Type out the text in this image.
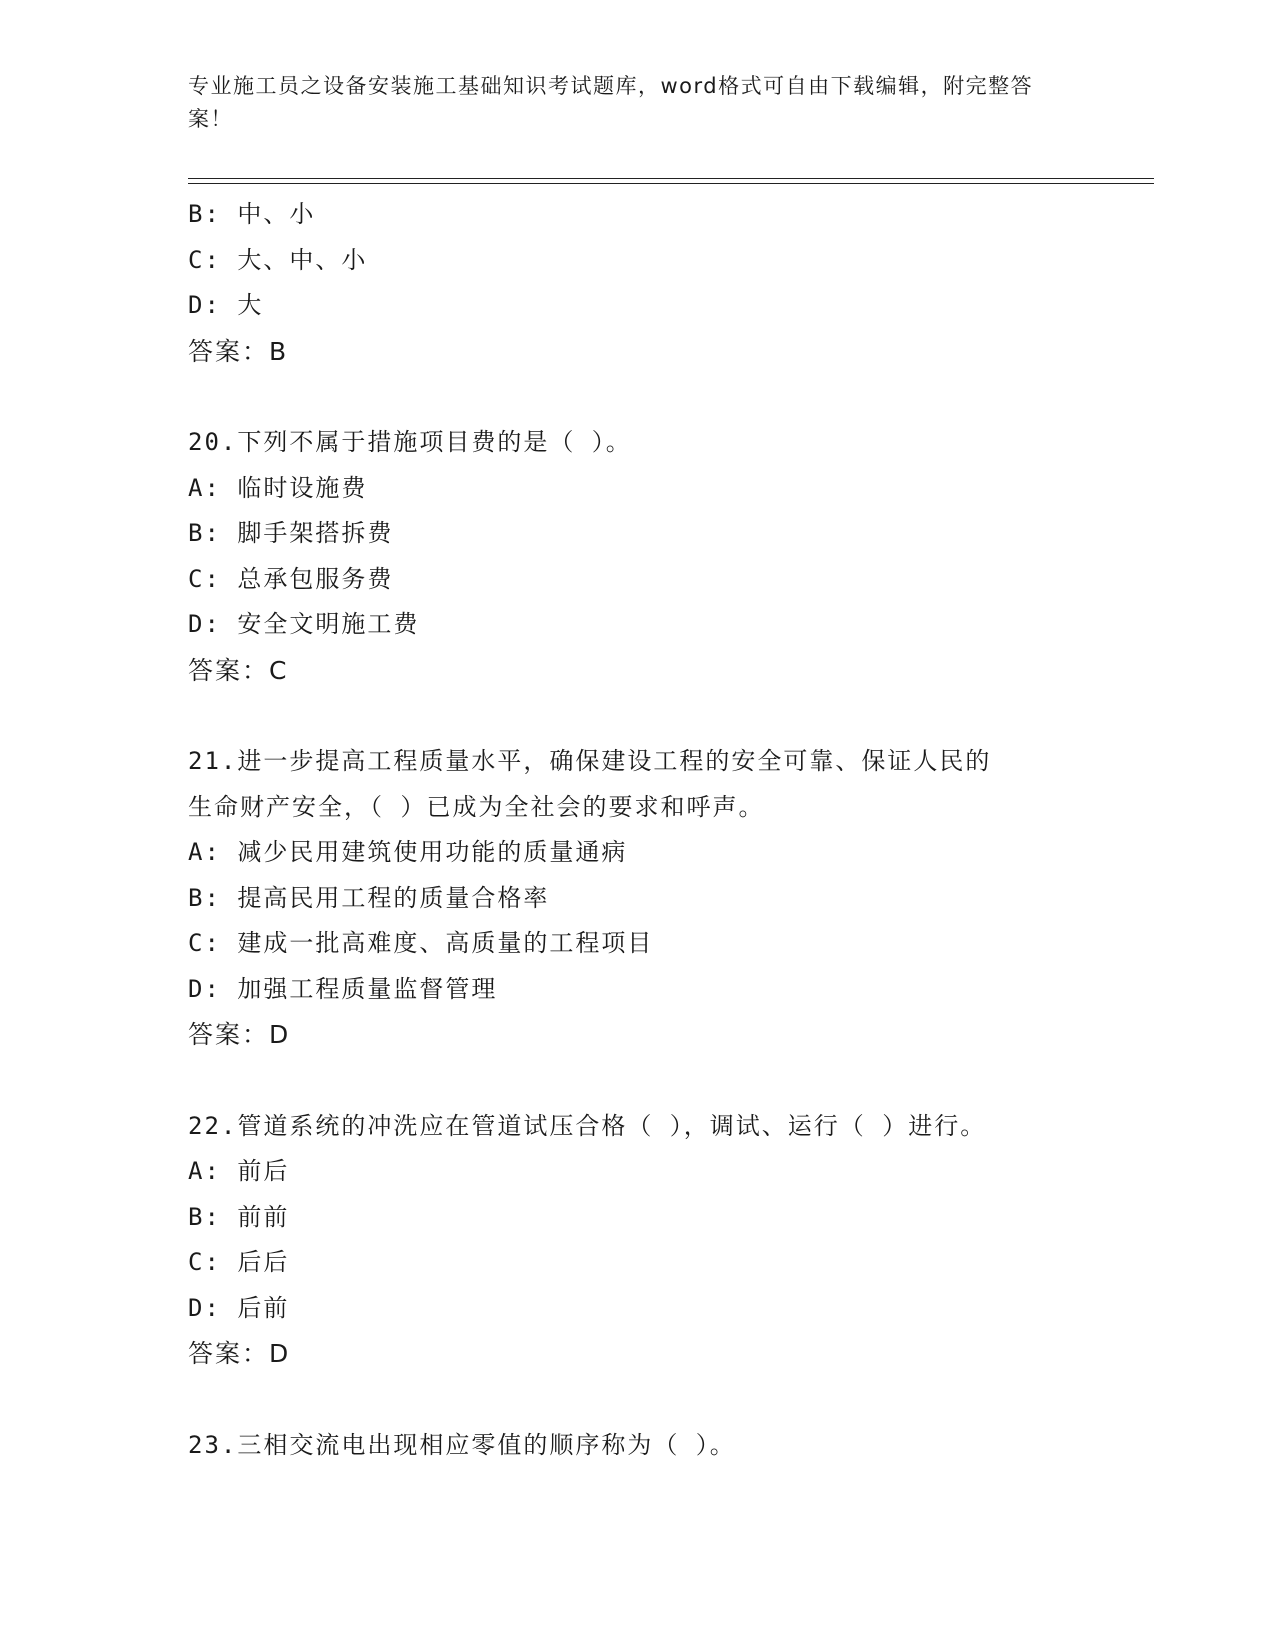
专业施工员之设备安装施工基础知识考试题库，word格式可自由下载编辑，附完整答案！
B: 中、小
C: 大、中、小
D: 大
答案：B
20.下列不属于措施项目费的是（ ）。
A: 临时设施费
B: 脚手架搭拆费
C: 总承包服务费
D: 安全文明施工费
答案：C
21.进一步提高工程质量水平，确保建设工程的安全可靠、保证人民的
生命财产安全，（ ）已成为全社会的要求和呼声。
A: 减少民用建筑使用功能的质量通病
B: 提高民用工程的质量合格率
C: 建成一批高难度、高质量的工程项目
D: 加强工程质量监督管理
答案：D
22.管道系统的冲洗应在管道试压合格（ ），调试、运行（ ）进行。
A: 前后
B: 前前
C: 后后
D: 后前
答案：D
23.三相交流电出现相应零值的顺序称为（ ）。
